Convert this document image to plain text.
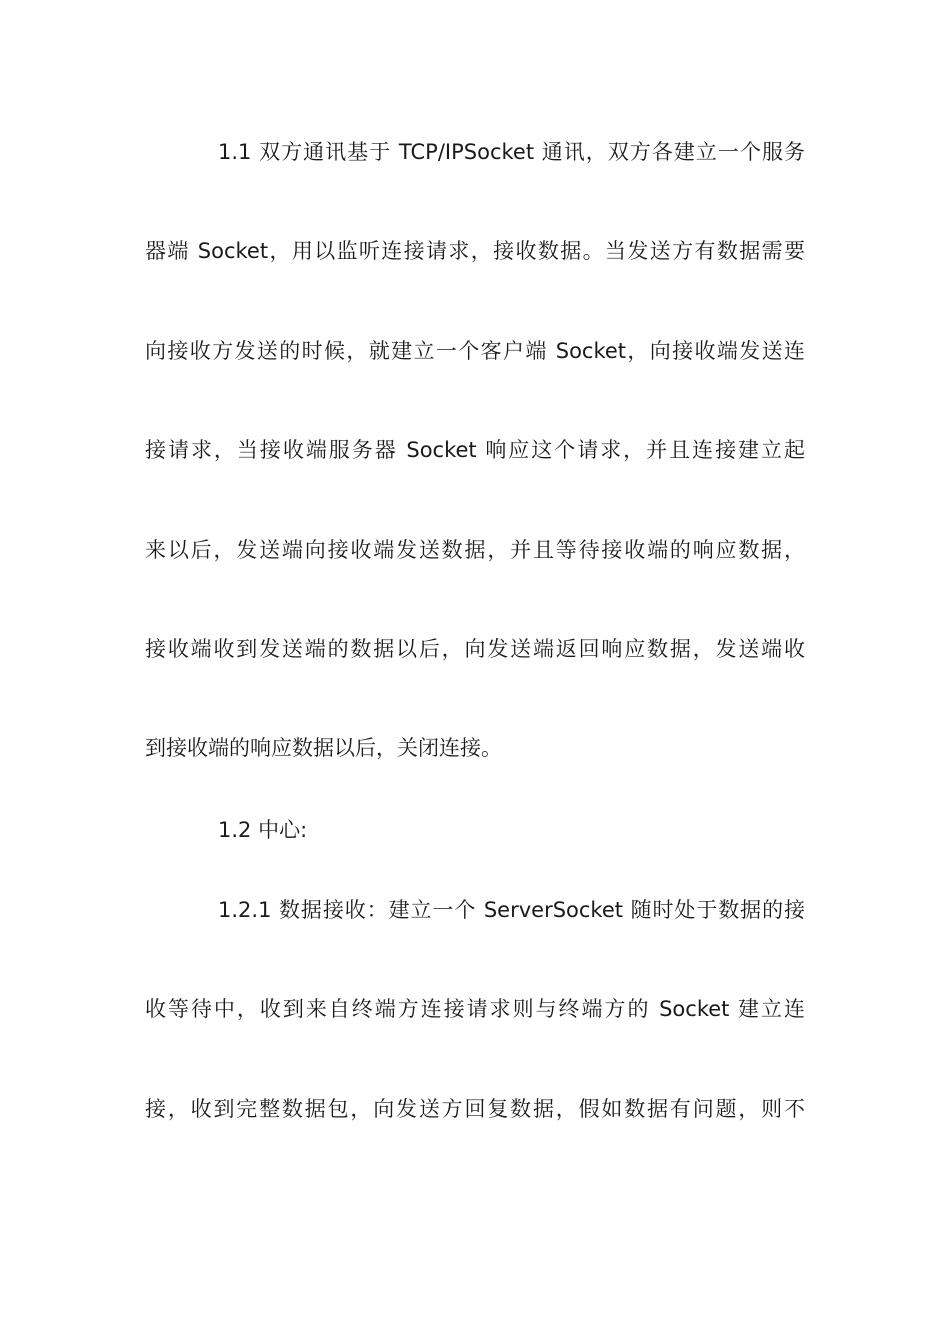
1.1 双方通讯基于 TCP/IPSocket 通讯，双方各建立一个服务
器端 Socket，用以监听连接请求，接收数据。当发送方有数据需要
向接收方发送的时候，就建立一个客户端 Socket，向接收端发送连
接请求，当接收端服务器 Socket 响应这个请求，并且连接建立起
来以后，发送端向接收端发送数据，并且等待接收端的响应数据，
接收端收到发送端的数据以后，向发送端返回响应数据，发送端收
到接收端的响应数据以后，关闭连接。
1.2 中心:
1.2.1 数据接收：建立一个 ServerSocket 随时处于数据的接
收等待中，收到来自终端方连接请求则与终端方的 Socket 建立连
接，收到完整数据包，向发送方回复数据，假如数据有问题，则不
